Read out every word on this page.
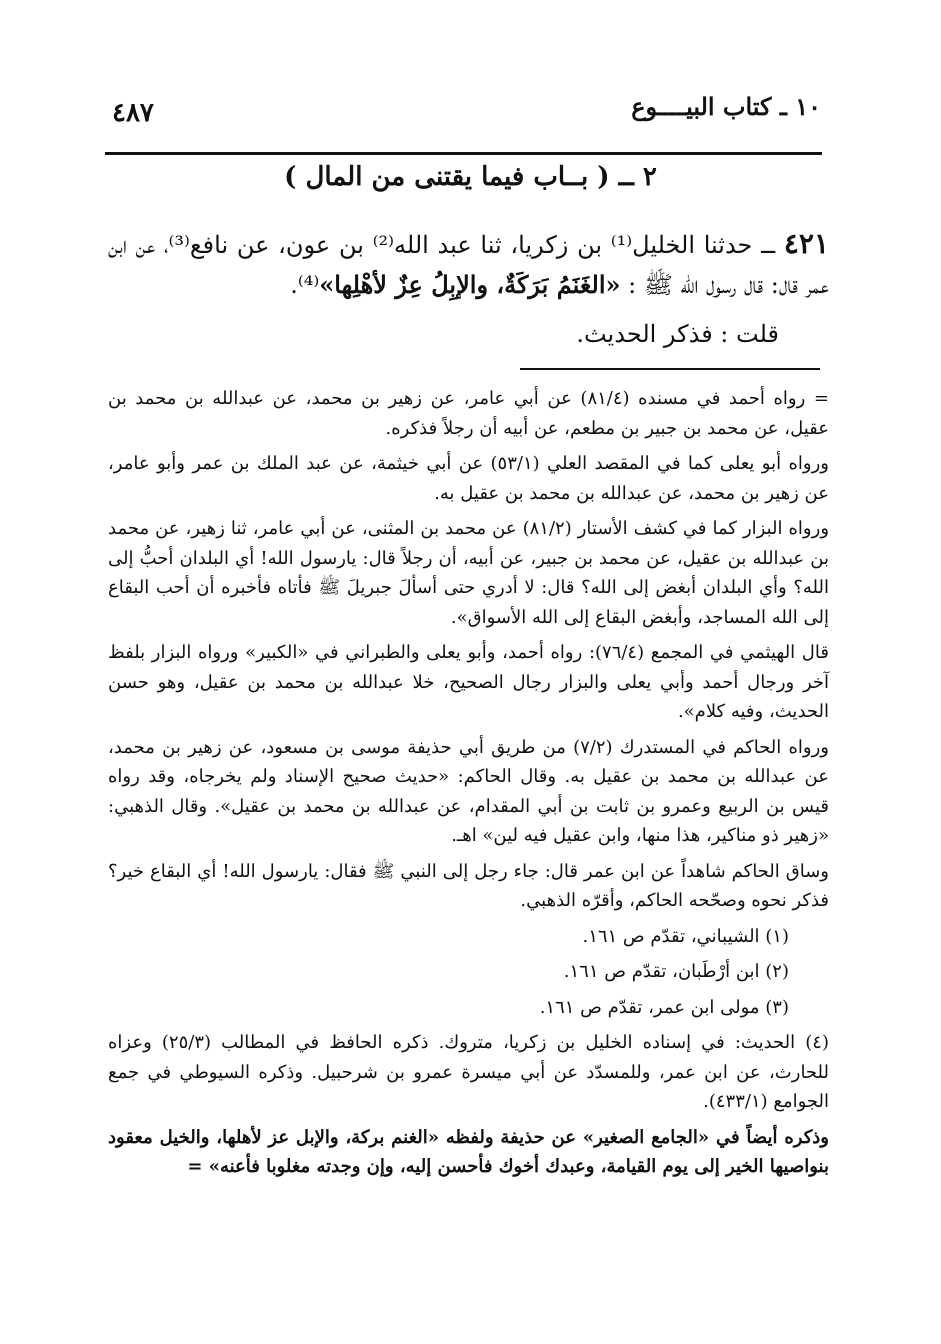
٤٨٧	١٠ ـ كتاب البيــــوع
٢ ــ ( بــاب فيما يقتنى من المال )
٤٢١ ــ حدثنا الخليل⁽¹⁾ بن زكريا، ثنا عبد الله⁽²⁾ بن عون، عن نافع⁽³⁾، عن ابن عمر قال: قال رسول الله ﷺ : «الغَنَمُ بَرَكَةٌ، والإبِلُ عِزٌ لأهْلِها»⁽⁴⁾.
قلت : فذكر الحديث.

= رواه أحمد في مسنده (٨١/٤) عن أبي عامر، عن زهير بن محمد، عن عبدالله بن محمد بن عقيل، عن محمد بن جبير بن مطعم، عن أبيه أن رجلاً فذكره.

ورواه أبو يعلى كما في المقصد العلي (٥٣/١) عن أبي خيثمة، عن عبد الملك بن عمر وأبو عامر، عن زهير بن محمد، عن عبدالله بن محمد بن عقيل به.

ورواه البزار كما في كشف الأستار (٨١/٢) عن محمد بن المثنى، عن أبي عامر، ثنا زهير، عن محمد بن عبدالله بن عقيل، عن محمد بن جبير، عن أبيه، أن رجلاً قال: يارسول الله! أي البلدان أحبُّ إلى الله؟ وأي البلدان أبغض إلى الله؟ قال: لا أدري حتى أسألَ جبريلَ ﷺ فأتاه فأخبره أن أحب البقاع إلى الله المساجد، وأبغض البقاع إلى الله الأسواق».

قال الهيثمي في المجمع (٧٦/٤): رواه أحمد، وأبو يعلى والطبراني في «الكبير» ورواه البزار بلفظ آخر ورجال أحمد وأبي يعلى والبزار رجال الصحيح، خلا عبدالله بن محمد بن عقيل، وهو حسن الحديث، وفيه كلام».

ورواه الحاكم في المستدرك (٧/٢) من طريق أبي حذيفة موسى بن مسعود، عن زهير بن محمد، عن عبدالله بن محمد بن عقيل به. وقال الحاكم: «حديث صحيح الإسناد ولم يخرجاه، وقد رواه قيس بن الربيع وعمرو بن ثابت بن أبي المقدام، عن عبدالله بن محمد بن عقيل». وقال الذهبي: «زهير ذو مناكير، هذا منها، وابن عقيل فيه لين» اهـ.

وساق الحاكم شاهداً عن ابن عمر قال: جاء رجل إلى النبي ﷺ فقال: يارسول الله! أي البقاع خير؟ فذكر نحوه وصحّحه الحاكم، وأقرّه الذهبي.

(١) الشيباني، تقدّم ص ١٦١.

(٢) ابن أرْطَبان، تقدّم ص ١٦١.

(٣) مولى ابن عمر، تقدّم ص ١٦١.

(٤) الحديث: في إسناده الخليل بن زكريا، متروك. ذكره الحافظ في المطالب (٢٥/٣) وعزاه للحارث، عن ابن عمر، وللمسدّد عن أبي ميسرة عمرو بن شرحبيل. وذكره السيوطي في جمع الجوامع (٤٣٣/١).

وذكره أيضاً في «الجامع الصغير» عن حذيفة ولفظه «الغنم بركة، والإبل عز لأهلها، والخيل معقود بنواصيها الخير إلى يوم القيامة، وعبدك أخوك فأحسن إليه، وإن وجدته مغلوبا فأعنه» =
